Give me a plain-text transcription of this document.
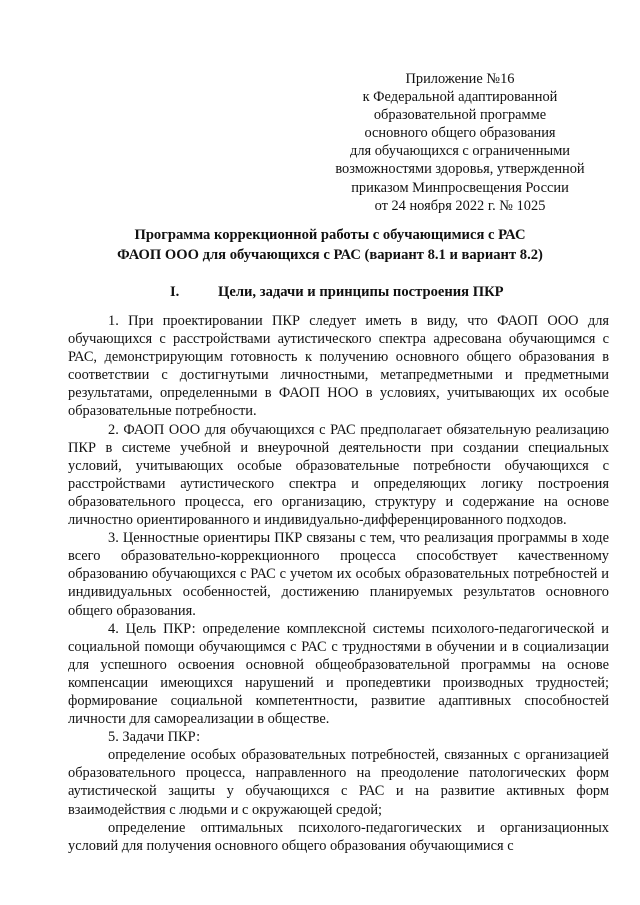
Приложение №16
к Федеральной адаптированной
образовательной программе
основного общего образования
для обучающихся с ограниченными
возможностями здоровья, утвержденной
приказом Минпросвещения России
от 24 ноября 2022 г. № 1025
Программа коррекционной работы с обучающимися с РАС
ФАОП ООО для обучающихся с РАС (вариант 8.1 и вариант 8.2)
I.	Цели, задачи и принципы построения ПКР

1. При проектировании ПКР следует иметь в виду, что ФАОП ООО для обучающихся с расстройствами аутистического спектра адресована обучающимся с РАС, демонстрирующим готовность к получению основного общего образования в соответствии с достигнутыми личностными, метапредметными и предметными результатами, определенными в ФАОП НОО в условиях, учитывающих их особые образовательные потребности.

2. ФАОП ООО для обучающихся с РАС предполагает обязательную реализацию ПКР в системе учебной и внеурочной деятельности при создании специальных условий, учитывающих особые образовательные потребности обучающихся с расстройствами аутистического спектра и определяющих логику построения образовательного процесса, его организацию, структуру и содержание на основе личностно ориентированного и индивидуально-дифференцированного подходов.

3. Ценностные ориентиры ПКР связаны с тем, что реализация программы в ходе всего образовательно-коррекционного процесса способствует качественному образованию обучающихся с РАС с учетом их особых образовательных потребностей и индивидуальных особенностей, достижению планируемых результатов основного общего образования.

4. Цель ПКР: определение комплексной системы психолого-педагогической и социальной помощи обучающимся с РАС с трудностями в обучении и в социализации для успешного освоения основной общеобразовательной программы на основе компенсации имеющихся нарушений и пропедевтики производных трудностей; формирование социальной компетентности, развитие адаптивных способностей личности для самореализации в обществе.

5. Задачи ПКР:

определение особых образовательных потребностей, связанных с организацией образовательного процесса, направленного на преодоление патологических форм аутистической защиты у обучающихся с РАС и на развитие активных форм взаимодействия с людьми и с окружающей средой;

определение оптимальных психолого-педагогических и организационных условий для получения основного общего образования обучающимися с
